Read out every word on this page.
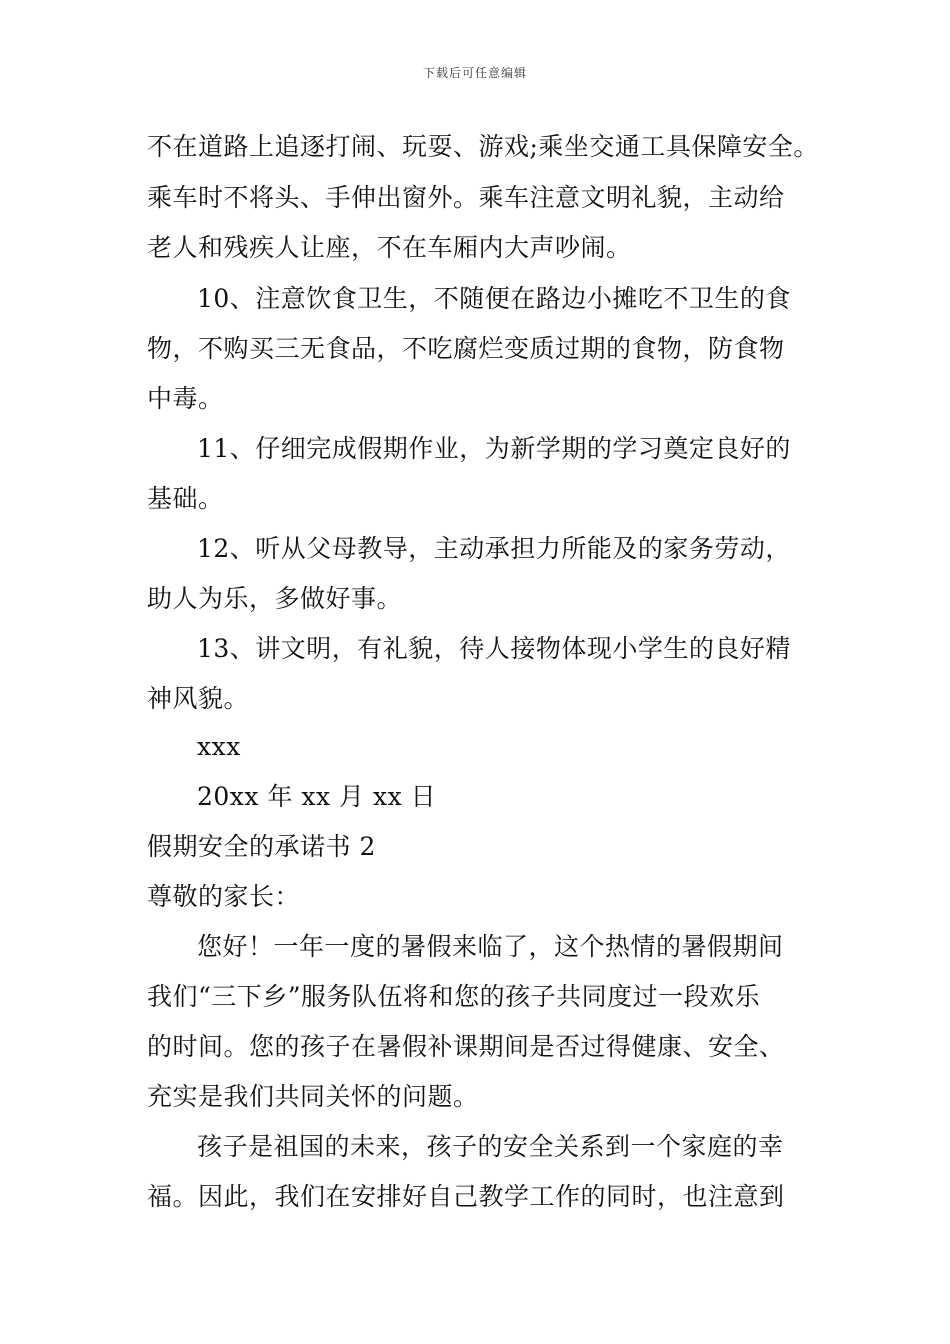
下载后可任意编辑
不在道路上追逐打闹、玩耍、游戏;乘坐交通工具保障安全。
乘车时不将头、手伸出窗外。乘车注意文明礼貌，主动给
老人和残疾人让座，不在车厢内大声吵闹。
10、注意饮食卫生，不随便在路边小摊吃不卫生的食
物，不购买三无食品，不吃腐烂变质过期的食物，防食物
中毒。
11、仔细完成假期作业，为新学期的学习奠定良好的
基础。
12、听从父母教导，主动承担力所能及的家务劳动，
助人为乐，多做好事。
13、讲文明，有礼貌，待人接物体现小学生的良好精
神风貌。
xxx
20xx 年 xx 月 xx 日
假期安全的承诺书 2
尊敬的家长：
您好！一年一度的暑假来临了，这个热情的暑假期间
我们“三下乡”服务队伍将和您的孩子共同度过一段欢乐
的时间。您的孩子在暑假补课期间是否过得健康、安全、
充实是我们共同关怀的问题。
孩子是祖国的未来，孩子的安全关系到一个家庭的幸
福。因此，我们在安排好自己教学工作的同时，也注意到
